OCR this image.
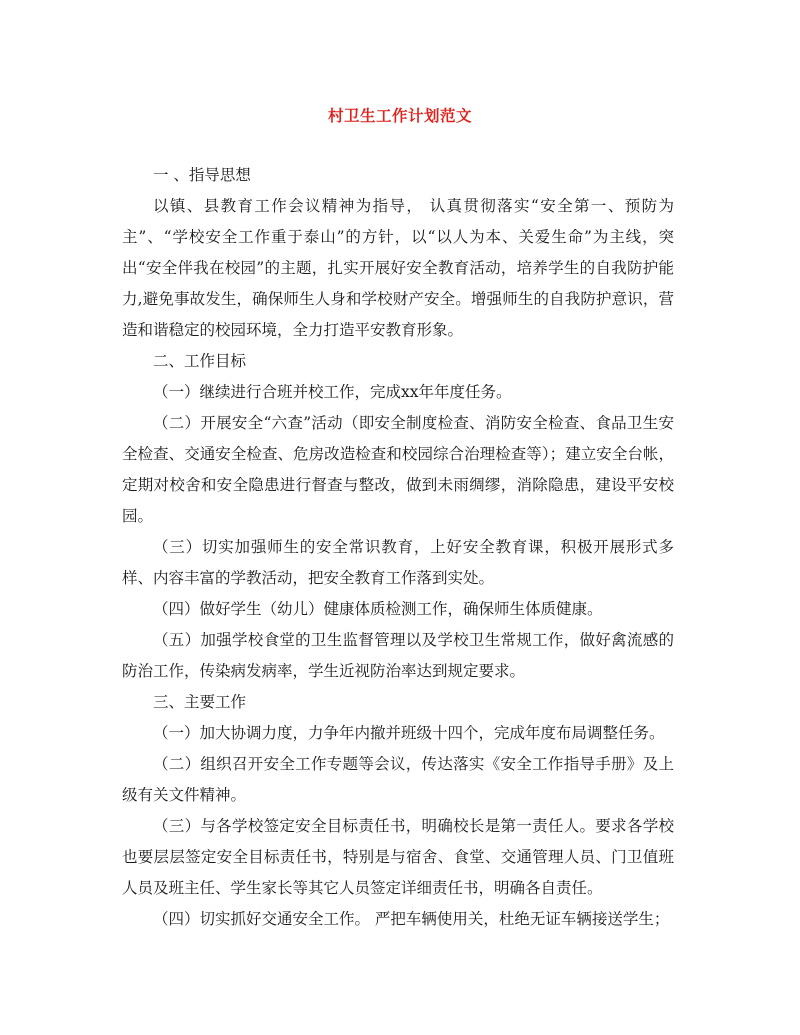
村卫生工作计划范文

一 、指导思想

以镇、县教育工作会议精神为指导， 认真贯彻落实“安全第一、预防为主”、“学校安全工作重于泰山”的方针，以“以人为本、关爱生命”为主线，突出“安全伴我在校园”的主题，扎实开展好安全教育活动，培养学生的自我防护能力,避免事故发生，确保师生人身和学校财产安全。增强师生的自我防护意识，营造和谐稳定的校园环境，全力打造平安教育形象。

二、工作目标

（一）继续进行合班并校工作，完成xx年年度任务。

（二）开展安全“六查”活动（即安全制度检查、消防安全检查、食品卫生安全检查、交通安全检查、危房改造检查和校园综合治理检查等）；建立安全台帐，定期对校舍和安全隐患进行督查与整改，做到未雨绸缪，消除隐患，建设平安校园。

（三）切实加强师生的安全常识教育，上好安全教育课，积极开展形式多样、内容丰富的学教活动，把安全教育工作落到实处。

（四）做好学生（幼儿）健康体质检测工作，确保师生体质健康。

（五）加强学校食堂的卫生监督管理以及学校卫生常规工作，做好禽流感的防治工作，传染病发病率，学生近视防治率达到规定要求。

三、主要工作

（一）加大协调力度，力争年内撤并班级十四个，完成年度布局调整任务。

（二）组织召开安全工作专题等会议，传达落实《安全工作指导手册》及上级有关文件精神。

（三）与各学校签定安全目标责任书，明确校长是第一责任人。要求各学校也要层层签定安全目标责任书，特别是与宿舍、食堂、交通管理人员、门卫值班人员及班主任、学生家长等其它人员签定详细责任书，明确各自责任。

（四）切实抓好交通安全工作。 严把车辆使用关，杜绝无证车辆接送学生；
